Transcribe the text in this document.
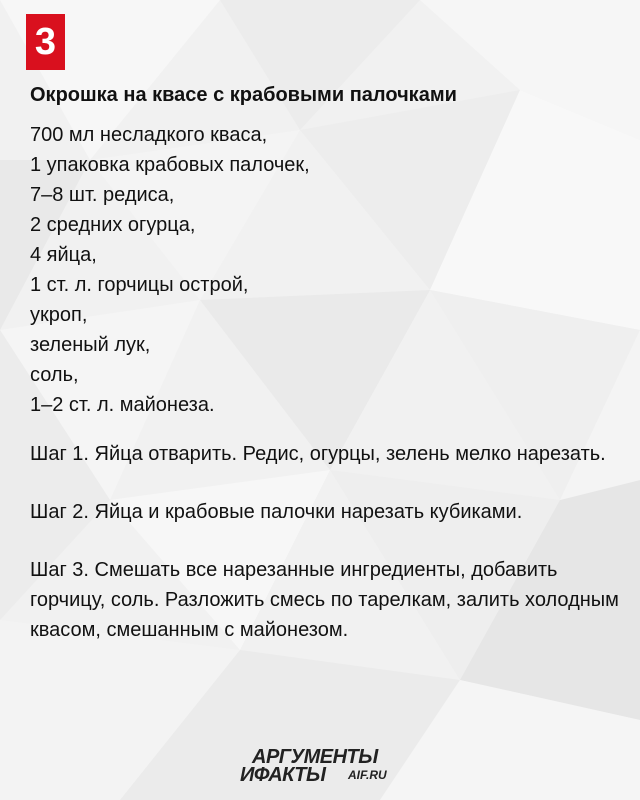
3
Окрошка на квасе с крабовыми палочками
700 мл несладкого кваса,
1 упаковка крабовых палочек,
7–8 шт. редиса,
2 средних огурца,
4 яйца,
1 ст. л. горчицы острой,
укроп,
зеленый лук,
соль,
1–2 ст. л. майонеза.

Шаг 1. Яйца отварить. Редис, огурцы, зелень мелко нарезать.

Шаг 2. Яйца и крабовые палочки нарезать кубиками.

Шаг 3. Смешать все нарезанные ингредиенты, добавить горчицу, соль. Разложить смесь по тарелкам, залить холодным квасом, смешанным с майонезом.

АРГУМЕНТЫ
ИФАКТЫ AIF.RU
